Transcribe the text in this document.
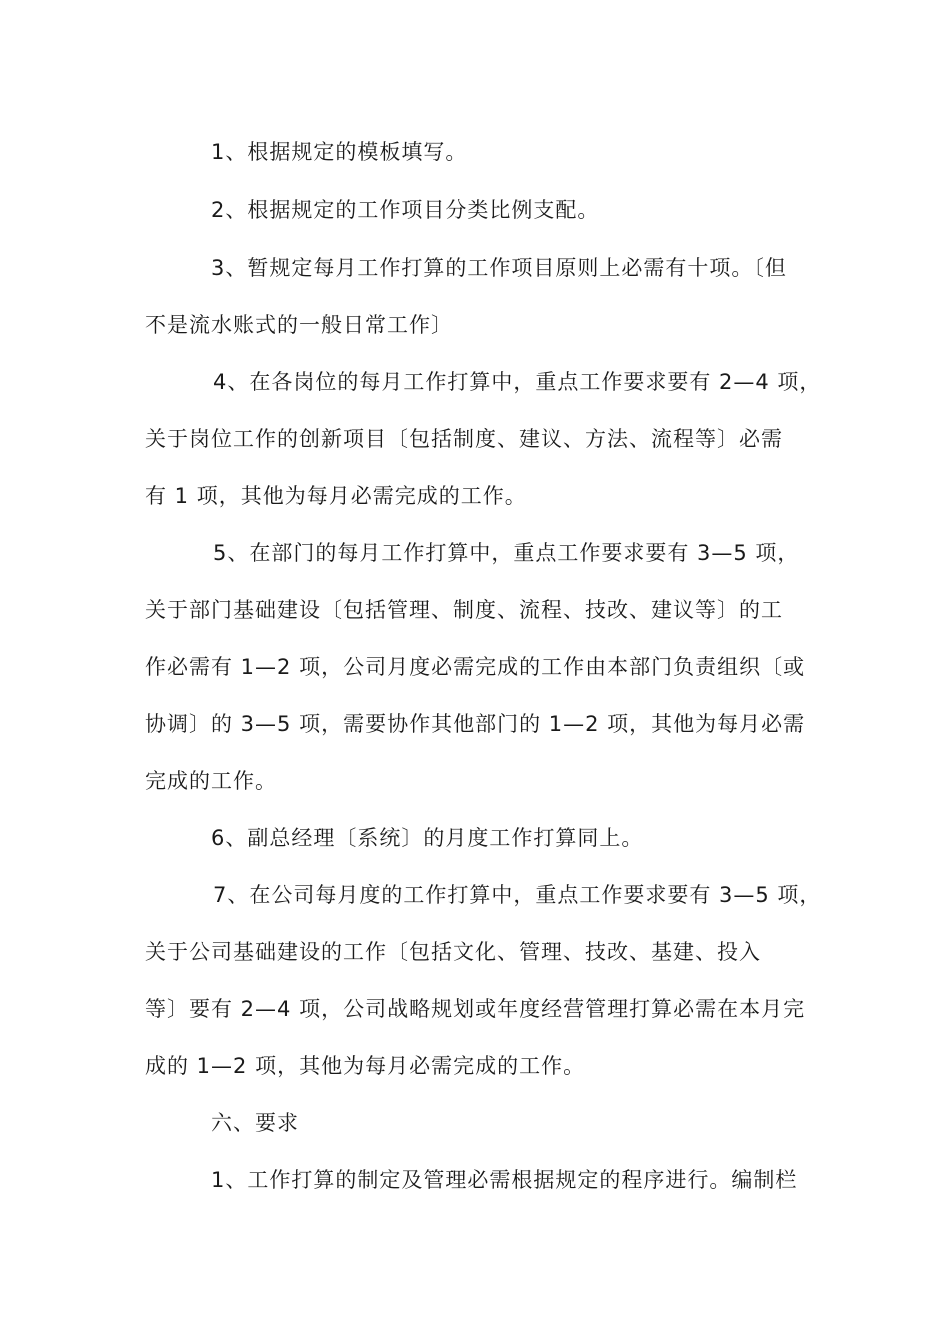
1、根据规定的模板填写。
2、根据规定的工作项目分类比例支配。
3、暂规定每月工作打算的工作项目原则上必需有十项。〔但
不是流水账式的一般日常工作〕
4、在各岗位的每月工作打算中，重点工作要求要有 2—4 项，
关于岗位工作的创新项目〔包括制度、建议、方法、流程等〕必需
有 1 项，其他为每月必需完成的工作。
5、在部门的每月工作打算中，重点工作要求要有 3—5 项，
关于部门基础建设〔包括管理、制度、流程、技改、建议等〕的工
作必需有 1—2 项，公司月度必需完成的工作由本部门负责组织〔或
协调〕的 3—5 项，需要协作其他部门的 1—2 项，其他为每月必需
完成的工作。
6、副总经理〔系统〕的月度工作打算同上。
7、在公司每月度的工作打算中，重点工作要求要有 3—5 项，
关于公司基础建设的工作〔包括文化、管理、技改、基建、投入
等〕要有 2—4 项，公司战略规划或年度经营管理打算必需在本月完
成的 1—2 项，其他为每月必需完成的工作。
六、要求
1、工作打算的制定及管理必需根据规定的程序进行。编制栏
